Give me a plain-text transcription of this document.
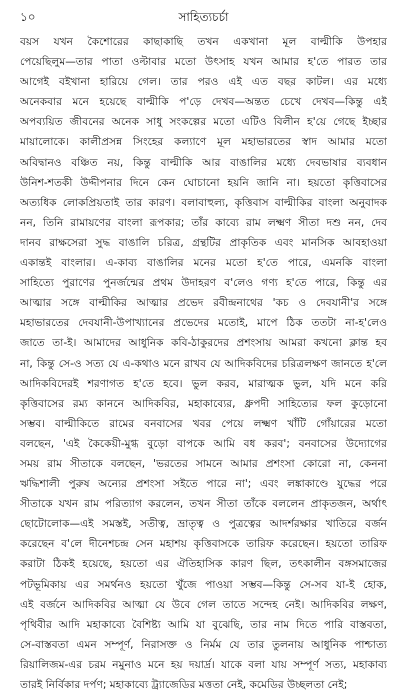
১০	সাহিত্যচর্চা
বয়স যখন কৈশোরের কাছাকাছি তখন একখানা মূল বাল্মীকি উপহার
পেয়েছিলুম—তার পাতা ওল্টাবার মতো উৎসাহ যখন আমার হ'তে পারত তার
আগেই বইখানা হারিয়ে গেল। তার পরও এই এত বছর কাটল। এর মধ্যে
অনেকবার মনে হয়েছে বাল্মীকি প'ড়ে দেখব—অন্তত চেখে দেখব—কিন্তু এই
অপব্যয়িত জীবনের অনেক সাধু সংকল্পের মতো এটিও বিলীন হ'য়ে গেছে ইচ্ছার
মায়ালোকে। কালীপ্রসন্ন সিংহের কল্যাণে মূল মহাভারতের স্বাদ আমার মতো
অবিদ্বানও বঞ্চিত নয়, কিন্তু বাল্মীকি আর বাঙালির মধ্যে দেবভাষার ব্যবধান
উনিশ-শতকী উদ্দীপনার দিনে কেন ঘোচানো হয়নি জানি না। হয়তো কৃত্তিবাসের
অত্যধিক লোকপ্রিয়তাই তার কারণ। বলাবাহুল্য, কৃত্তিবাস বাল্মীকির বাংলা অনুবাদক
নন, তিনি রামায়ণের বাংলা রূপকার; তাঁর কাব্যে রাম লক্ষ্মণ সীতা দশু নন, দেব
দানব রাক্ষসেরা সুদ্ধ বাঙালি চরিত্র, গ্রন্থটির প্রাকৃতিক এবং মানসিক আবহাওয়া
একান্তই বাংলার। এ-কাব্য বাঙালির মনের মতো হ'তে পারে, এমনকি বাংলা
সাহিত্যে পুরাণের পুনর্জন্মের প্রথম উদাহরণ ব'লেও গণ্য হ'তে পারে, কিন্তু এর
আত্মার সঙ্গে বাল্মীকির আত্মার প্রভেদ রবীন্দ্রনাথের 'কচ ও দেবযানী'র সঙ্গে
মহাভারতের দেবযানী-উপাখ্যানের প্রভেদের মতোই, মাপে ঠিক ততটা না-হ'লেও
জাতে তা-ই। আমাদের আধুনিক কবি-ঠাকুরদের প্রশংসায় আমরা কখনো ক্লান্ত হব
না, কিন্তু সে-ও সত্য যে এ-কথাও মনে রাখব যে আদিকবিদের চরিত্রলক্ষণ জানতে হ'লে
আদিকবিদেরই শরণাগত হ'তে হবে। ভুল করব, মারাত্মক ভুল, যদি মনে করি
কৃত্তিবাসের রম্য কাননে আদিকবির, মহাকাব্যের, ধ্রুপদী সাহিত্যের ফল কুড়োনো
সম্ভব। বাল্মীকিতে রামের বনবাসের খবর পেয়ে লক্ষ্মণ খাঁটি গোঁয়ারের মতো
বলছেন, 'এই কৈকেয়ী-মুগ্ধ বুড়ো বাপকে আমি বধ করব'; বনবাসের উদ্যোগের
সময় রাম সীতাকে বলছেন, 'ভরতের সামনে আমার প্রশংসা কোরো না, কেননা
ঋদ্ধিশালী পুরুষ অন্যের প্রশংসা সইতে পারে না'; এবং লঙ্কাকাণ্ডে যুদ্ধের পরে
সীতাকে যখন রাম পরিত্যাগ করলেন, তখন সীতা তাঁকে বললেন প্রাকৃতজন, অর্থাৎ
ছোটোলোক—এই সমস্তই, সতীত্ব, ভ্রাতৃত্ব ও পুত্রত্বের আদর্শরক্ষার খাতিরে বর্জন
করেছেন ব'লে দীনেশচন্দ্র সেন মহাশয় কৃত্তিবাসকে তারিফ করেছেন। হয়তো তারিফ
করাটা ঠিকই হয়েছে, হয়তো এর ঐতিহাসিক কারণ ছিল, তৎকালীন বঙ্গসমাজের
পটভূমিকায় এর সমর্থনও হয়তো খুঁজে পাওয়া সম্ভব—কিন্তু সে-সব যা-ই হোক,
এই বর্জনে আদিকবির আত্মা যে উবে গেল তাতে সন্দেহ নেই। আদিকবির লক্ষণ,
পৃথিবীর আদি মহাকাব্যে বৈশিষ্ট্য আমি যা বুঝেছি, তার নাম দিতে পারি বাস্তবতা,
সে-বাস্তবতা এমন সম্পূর্ণ, নিরাসক্ত ও নির্মম যে তার তুলনায় আধুনিক পাশ্চাত্য
রিয়ালিজম-এর চরম নমুনাও মনে হয় দয়ার্দ্র। যাকে বলা যায় সম্পূর্ণ সত্য, মহাকাব্য
তারই নির্বিকার দর্পণ; মহাকাব্যে ট্র্যাজেডির মত্ততা নেই, কমেডির উচ্ছলতা নেই;
